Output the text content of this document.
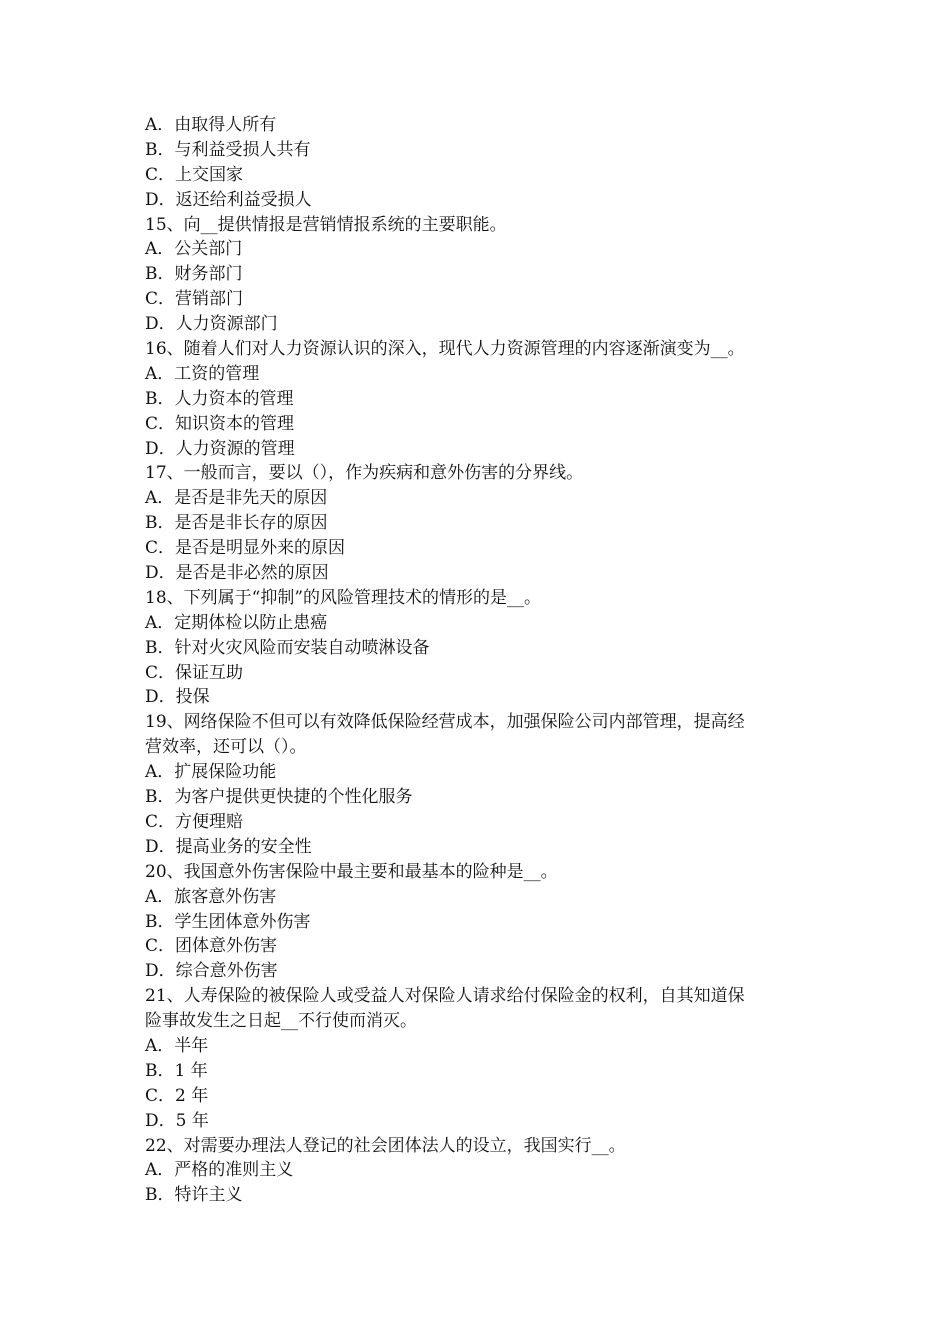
A．由取得人所有
B．与利益受损人共有
C．上交国家
D．返还给利益受损人
15、向__提供情报是营销情报系统的主要职能。
A．公关部门
B．财务部门
C．营销部门
D．人力资源部门
16、随着人们对人力资源认识的深入，现代人力资源管理的内容逐渐演变为__。
A．工资的管理
B．人力资本的管理
C．知识资本的管理
D．人力资源的管理
17、一般而言，要以（），作为疾病和意外伤害的分界线。
A．是否是非先天的原因
B．是否是非长存的原因
C．是否是明显外来的原因
D．是否是非必然的原因
18、下列属于“抑制”的风险管理技术的情形的是__。
A．定期体检以防止患癌
B．针对火灾风险而安装自动喷淋设备
C．保证互助
D．投保
19、网络保险不但可以有效降低保险经营成本，加强保险公司内部管理，提高经
营效率，还可以（）。
A．扩展保险功能
B．为客户提供更快捷的个性化服务
C．方便理赔
D．提高业务的安全性
20、我国意外伤害保险中最主要和最基本的险种是__。
A．旅客意外伤害
B．学生团体意外伤害
C．团体意外伤害
D．综合意外伤害
21、人寿保险的被保险人或受益人对保险人请求给付保险金的权利，自其知道保
险事故发生之日起__不行使而消灭。
A．半年
B．1 年
C．2 年
D．5 年
22、对需要办理法人登记的社会团体法人的设立，我国实行__。
A．严格的准则主义
B．特许主义
